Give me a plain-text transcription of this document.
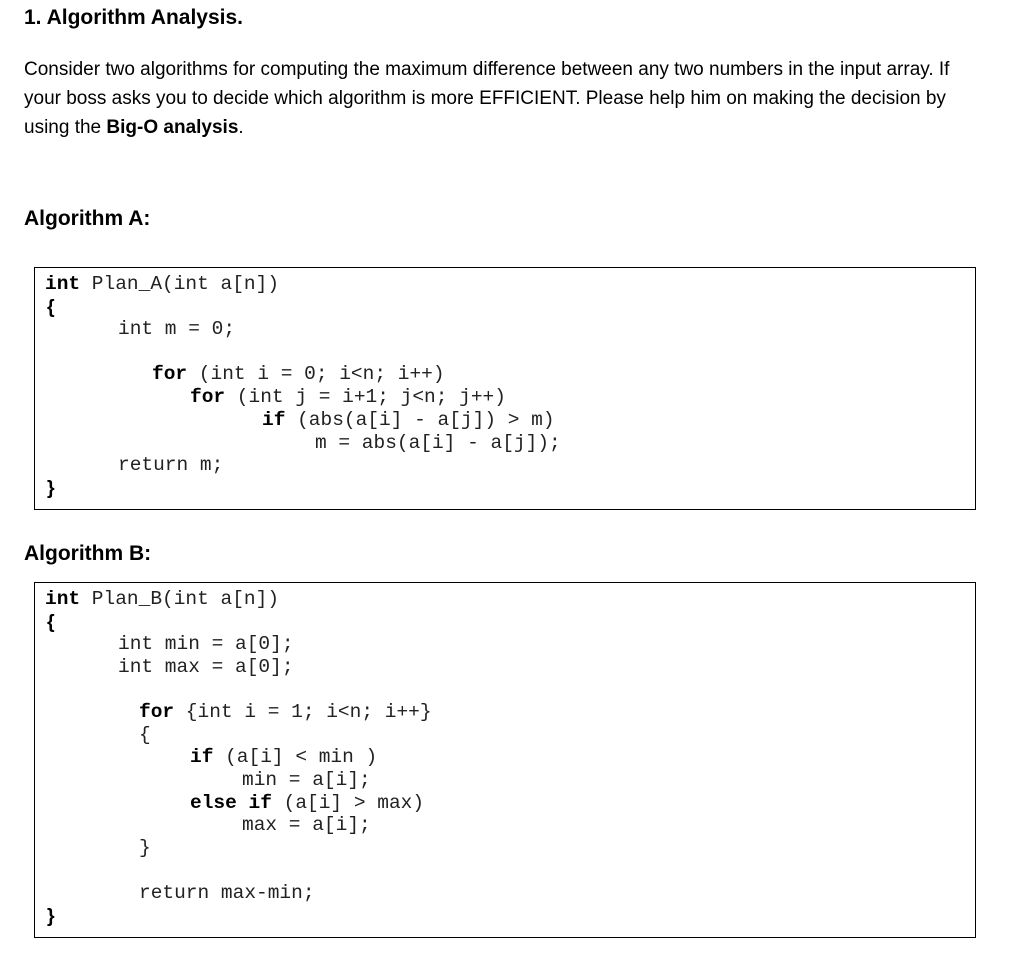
1. Algorithm Analysis.
Consider two algorithms for computing the maximum difference between any two numbers in the input array. If your boss asks you to decide which algorithm is more EFFICIENT. Please help him on making the decision by using the Big-O analysis.
Algorithm A:
int Plan_A(int a[n])
{
int m = 0;
for (int i = 0; i<n; i++)
for (int j = i+1; j<n; j++)
if (abs(a[i] - a[j]) > m)
m = abs(a[i] - a[j]);
return m;
}
Algorithm B:
int Plan_B(int a[n])
{
int min = a[0];
int max = a[0];
for {int i = 1; i<n; i++}
{
if (a[i] < min )
min = a[i];
else if (a[i] > max)
max = a[i];
}
return max-min;
}
